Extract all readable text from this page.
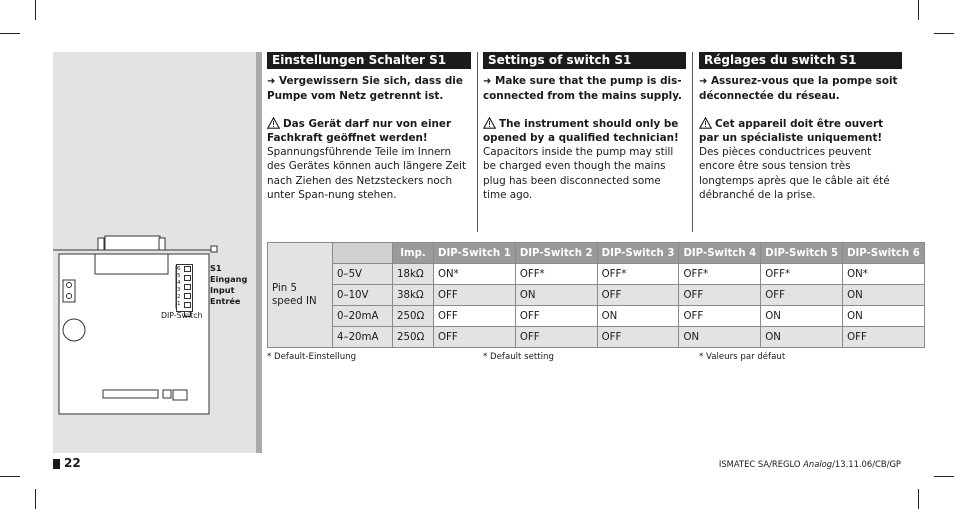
6
5
4
3
2
1
S1
Eingang
Input
Entrée
DIP-Switch
Einstellungen Schalter S1

➜ Vergewissern Sie sich, dass die Pumpe vom Netz getrennt ist.

Das Gerät darf nur von einer Fachkraft geöffnet werden!

Spannungsführende Teile im Innern des Gerätes können auch längere Zeit nach Ziehen des Netzsteckers noch unter Span-nung stehen.

Settings of switch S1

➜ Make sure that the pump is dis-connected from the mains supply.

The instrument should only be opened by a qualified technician!

Capacitors inside the pump may still be charged even though the mains plug has been disconnected some time ago.

Réglages du switch S1

➜ Assurez-vous que la pompe soit déconnectée du réseau.

Cet appareil doit être ouvert par un spécialiste uniquement!

Des pièces conductrices peuvent encore être sous tension très longtemps après que le câble ait été débranché de la prise.

Pin 5 speed IN		Imp.	DIP-Switch 1	DIP-Switch 2	DIP-Switch 3	DIP-Switch 4	DIP-Switch 5	DIP-Switch 6
	0–5V	18kΩ	ON*	OFF*	OFF*	OFF*	OFF*	ON*
	0–10V	38kΩ	OFF	ON	OFF	OFF	OFF	ON
	0–20mA	250Ω	OFF	OFF	ON	OFF	ON	ON
	4–20mA	250Ω	OFF	OFF	OFF	ON	ON	OFF
* Default-Einstellung	* Default setting	* Valeurs par défaut
22	ISMATEC SA/REGLO Analog/13.11.06/CB/GP
